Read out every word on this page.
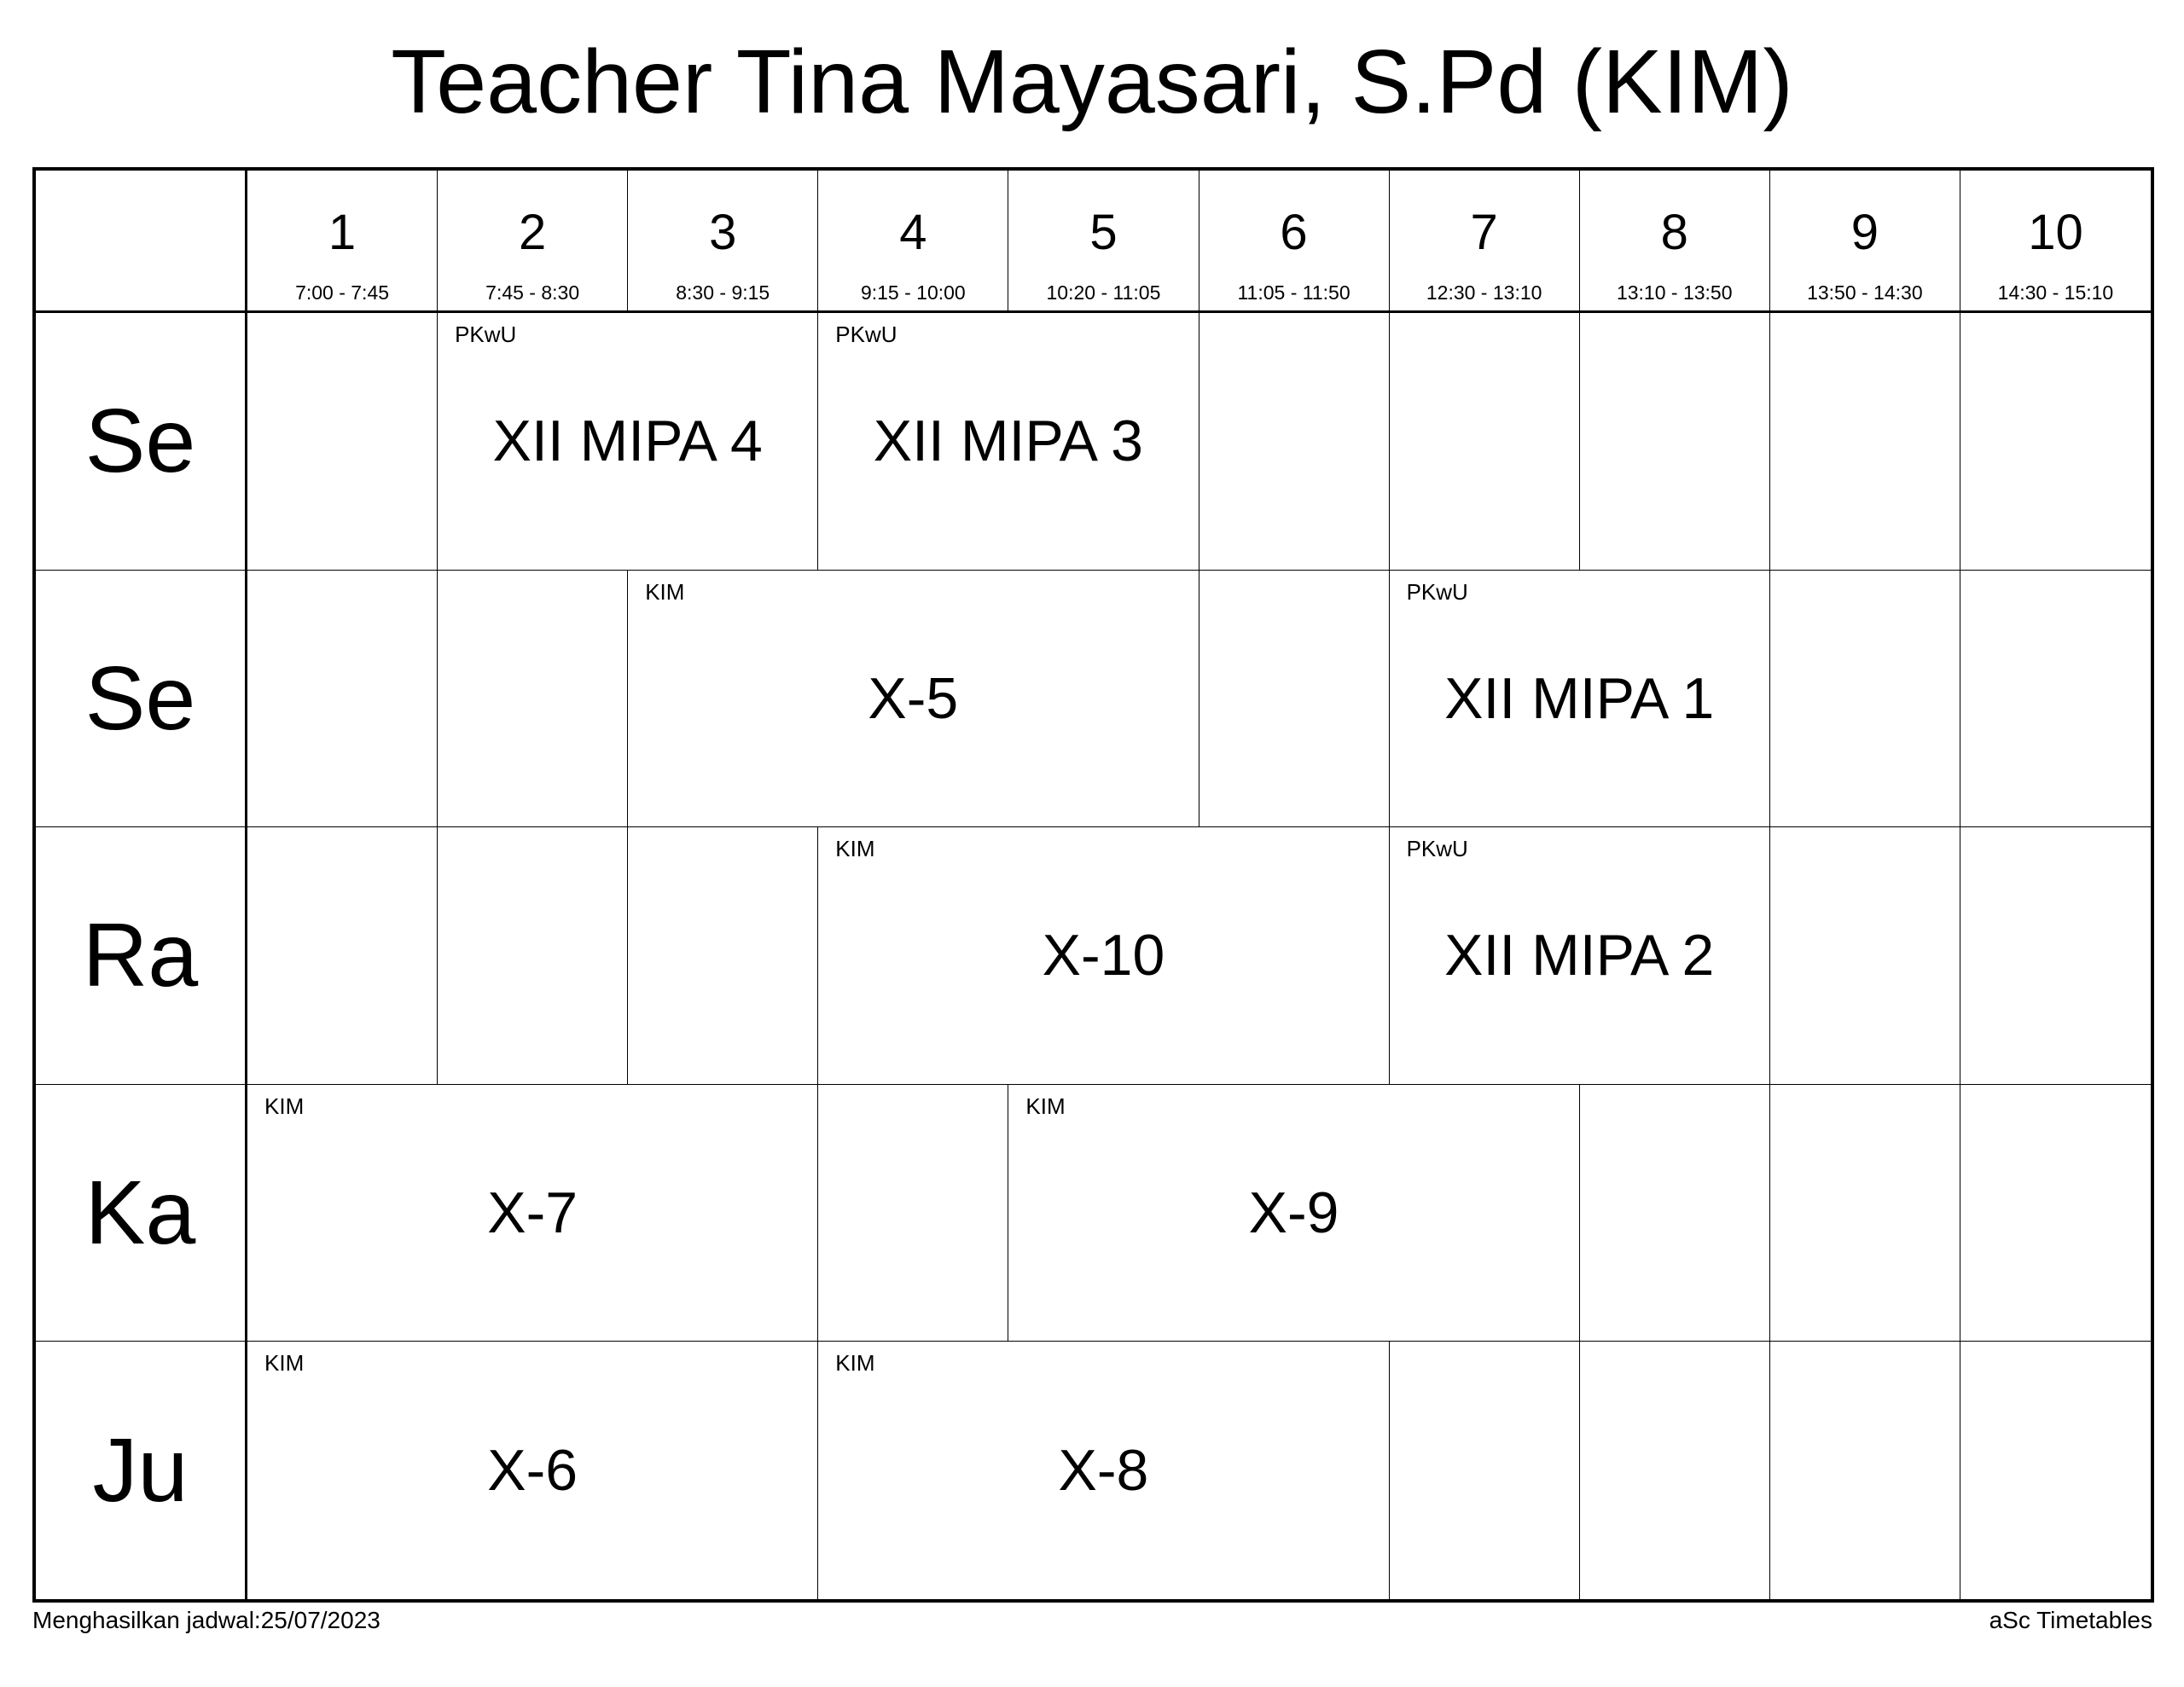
Teacher Tina Mayasari, S.Pd (KIM)
1
7:00 - 7:45
2
7:45 - 8:30
3
8:30 - 9:15
4
9:15 - 10:00
5
10:20 - 11:05
6
11:05 - 11:50
7
12:30 - 13:10
8
13:10 - 13:50
9
13:50 - 14:30
10
14:30 - 15:10
Se
PKwU
XII MIPA 4
PKwU
XII MIPA 3
Se
KIM
X-5
PKwU
XII MIPA 1
Ra
KIM
X-10
PKwU
XII MIPA 2
Ka
KIM
X-7
KIM
X-9
Ju
KIM
X-6
KIM
X-8
Menghasilkan jadwal:25/07/2023	aSc Timetables
